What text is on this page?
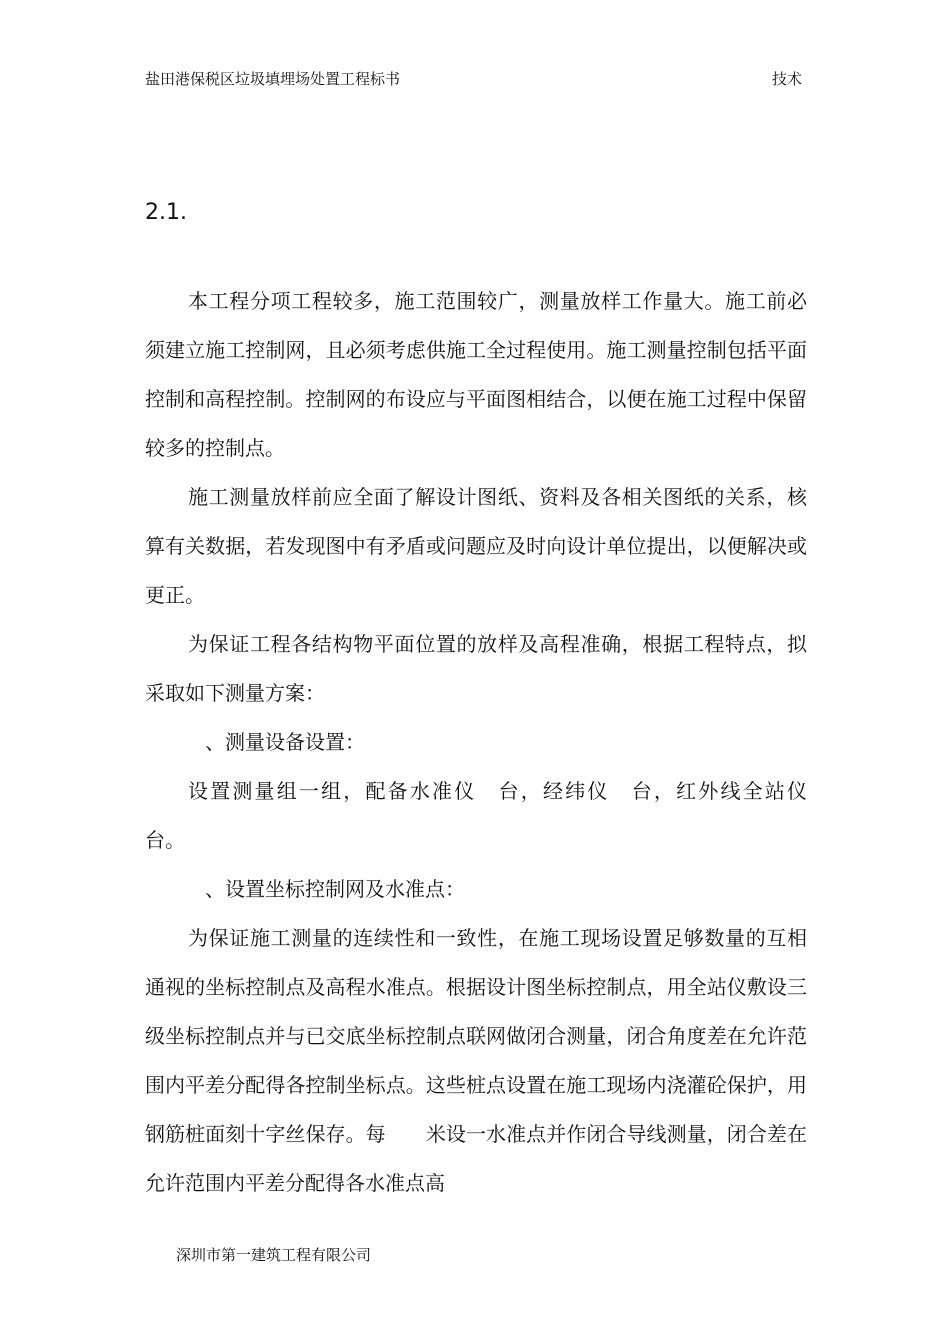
盐田港保税区垃圾填埋场处置工程标书	技术
2.1.

本工程分项工程较多，施工范围较广，测量放样工作量大。施工前必须建立施工控制网，且必须考虑供施工全过程使用。施工测量控制包括平面控制和高程控制。控制网的布设应与平面图相结合，以便在施工过程中保留较多的控制点。

施工测量放样前应全面了解设计图纸、资料及各相关图纸的关系，核算有关数据，若发现图中有矛盾或问题应及时向设计单位提出，以便解决或更正。

为保证工程各结构物平面位置的放样及高程准确，根据工程特点，拟采取如下测量方案：

、测量设备设置：

设置测量组一组，配备水准仪　台，经纬仪　台，红外线全站仪　台。

、设置坐标控制网及水准点：

为保证施工测量的连续性和一致性，在施工现场设置足够数量的互相通视的坐标控制点及高程水准点。根据设计图坐标控制点，用全站仪敷设三级坐标控制点并与已交底坐标控制点联网做闭合测量，闭合角度差在允许范围内平差分配得各控制坐标点。这些桩点设置在施工现场内浇灌砼保护，用钢筋桩面刻十字丝保存。每　　米设一水准点并作闭合导线测量，闭合差在允许范围内平差分配得各水准点高

深圳市第一建筑工程有限公司
